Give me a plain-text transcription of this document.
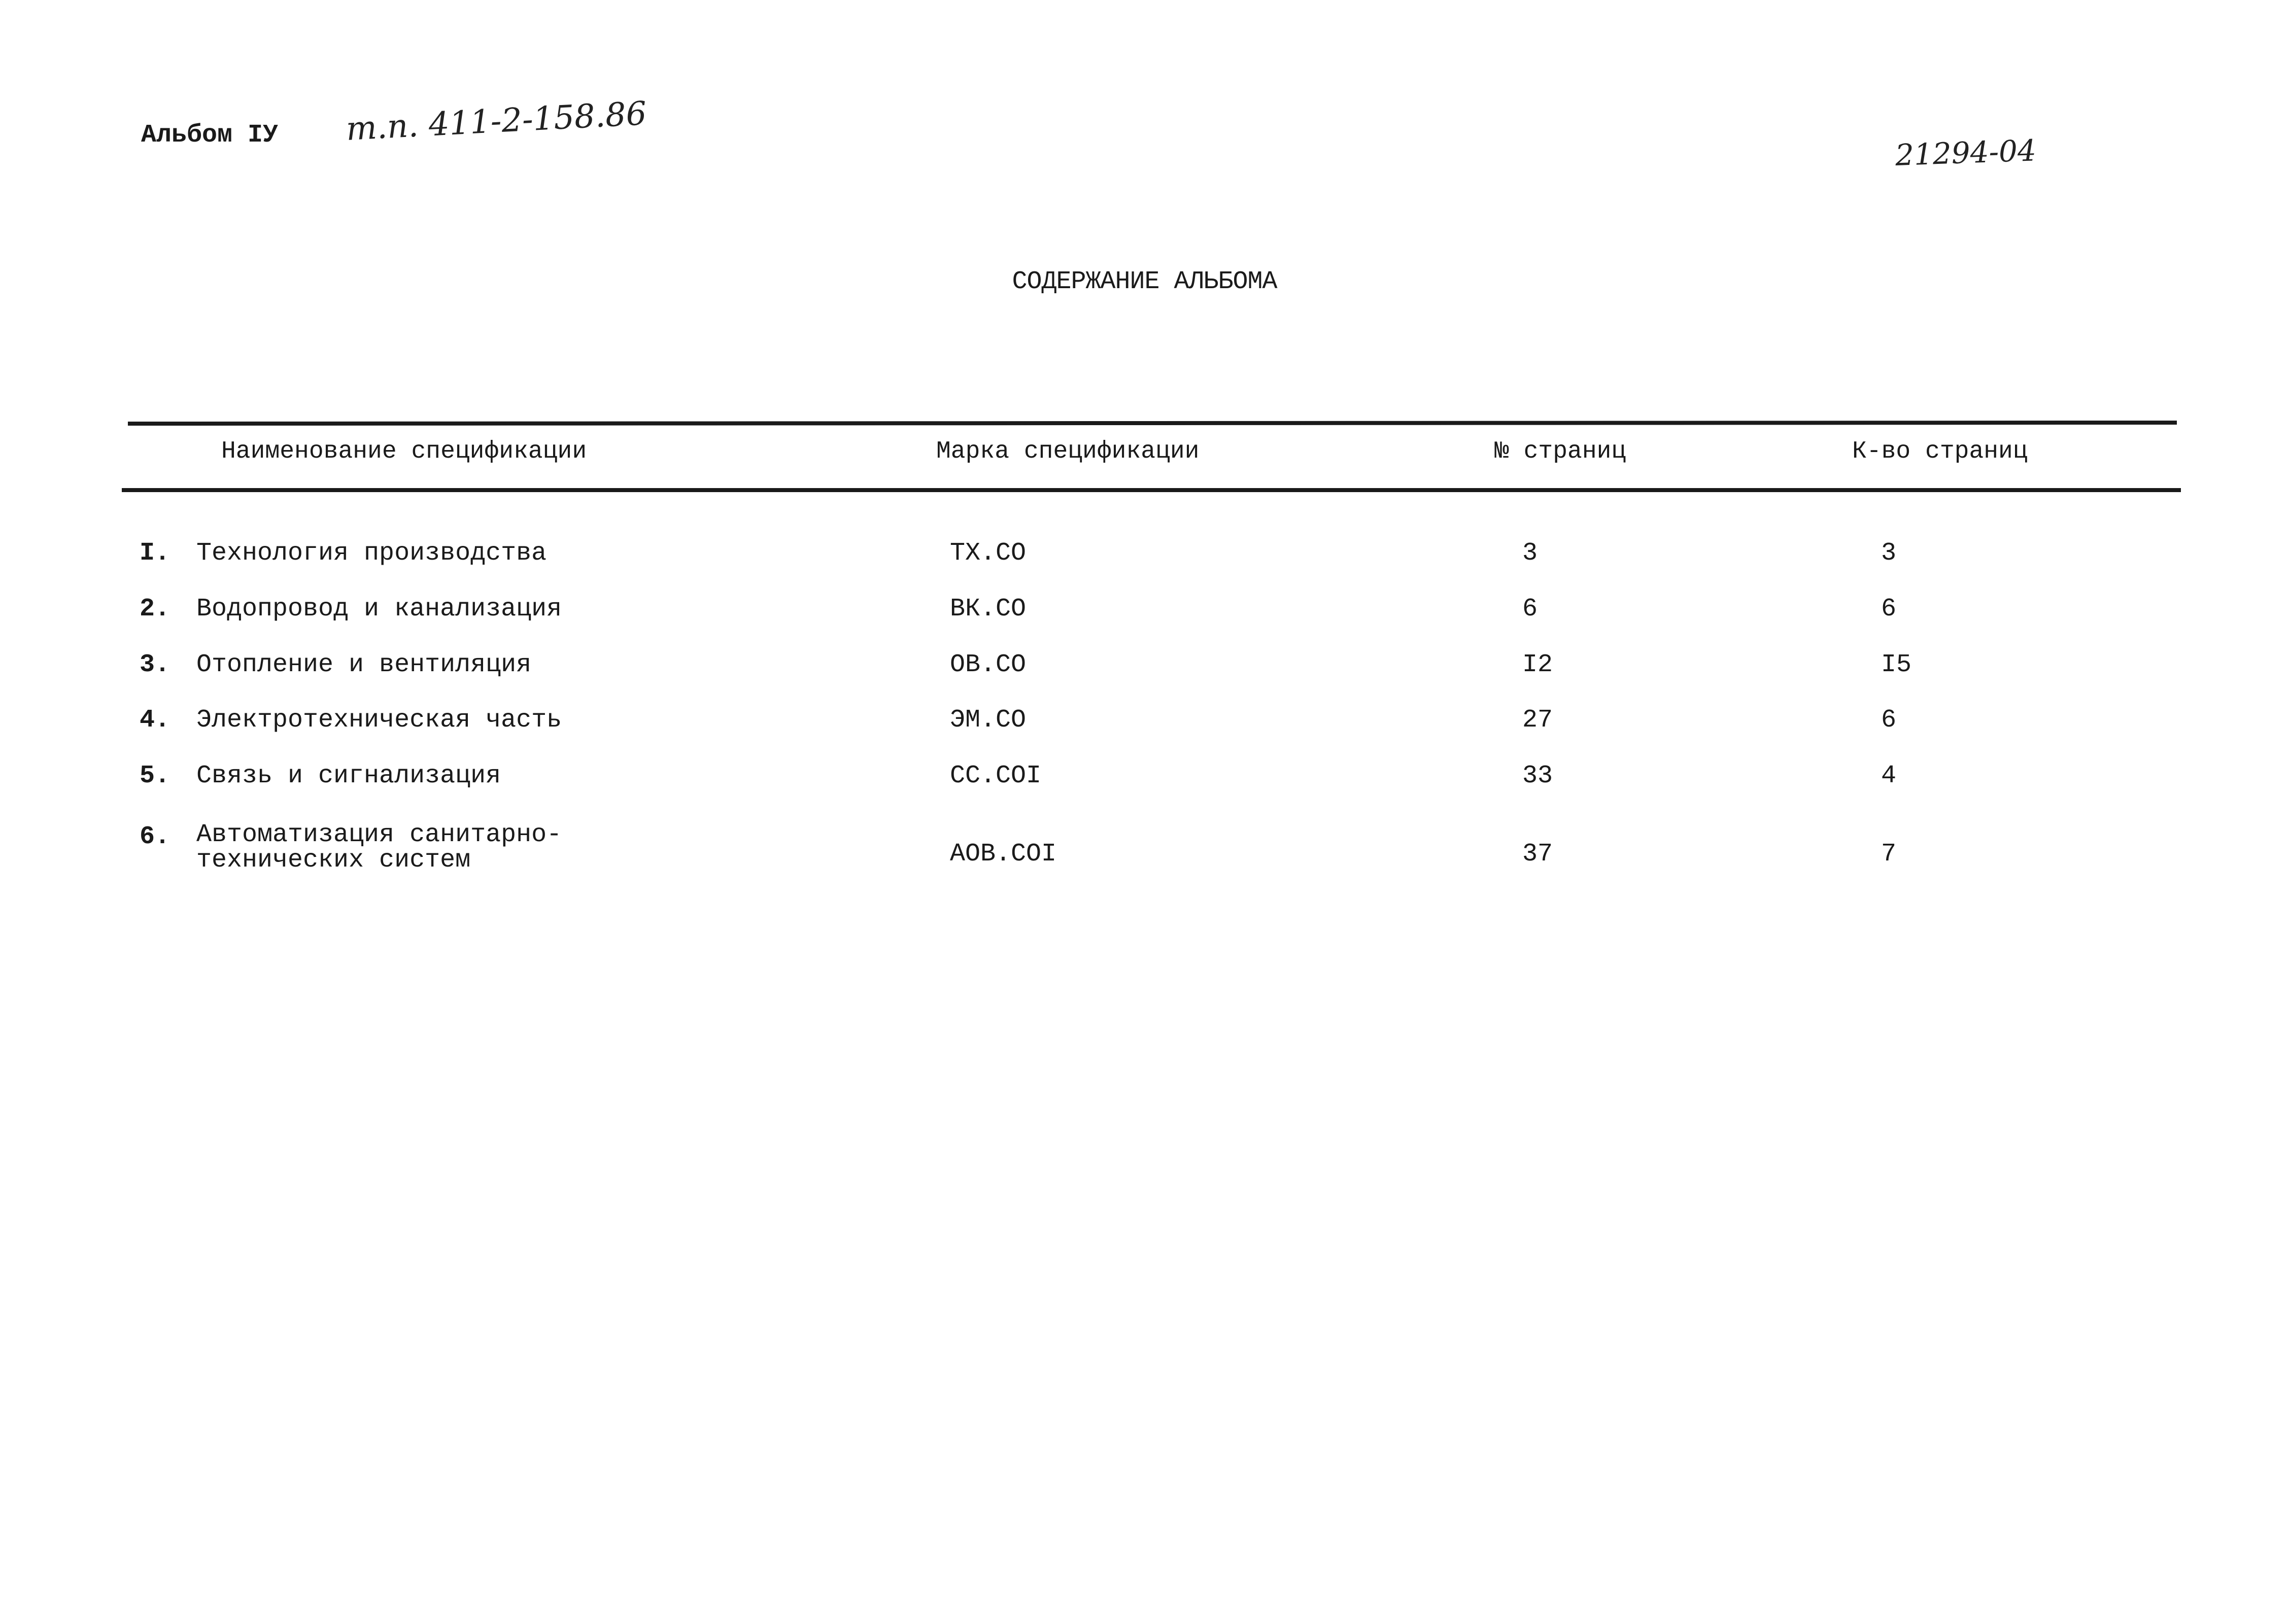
Альбом IУ т.п. 411-2-158.86
21294-04
СОДЕРЖАНИЕ АЛЬБОМА
Наименование спецификации	Марка спецификации	№ страниц	К-во страниц
I. Технология производства	ТХ.СО	3	3
2. Водопровод и канализация	ВК.СО	6	6
3. Отопление и вентиляция	ОВ.СО	I2	I5
4. Электротехническая часть	ЭМ.СО	27	6
5. Связь и сигнализация	СС.СОI	33	4
6. Автоматизация санитарно-
технических систем	АОВ.СОI	37	7
